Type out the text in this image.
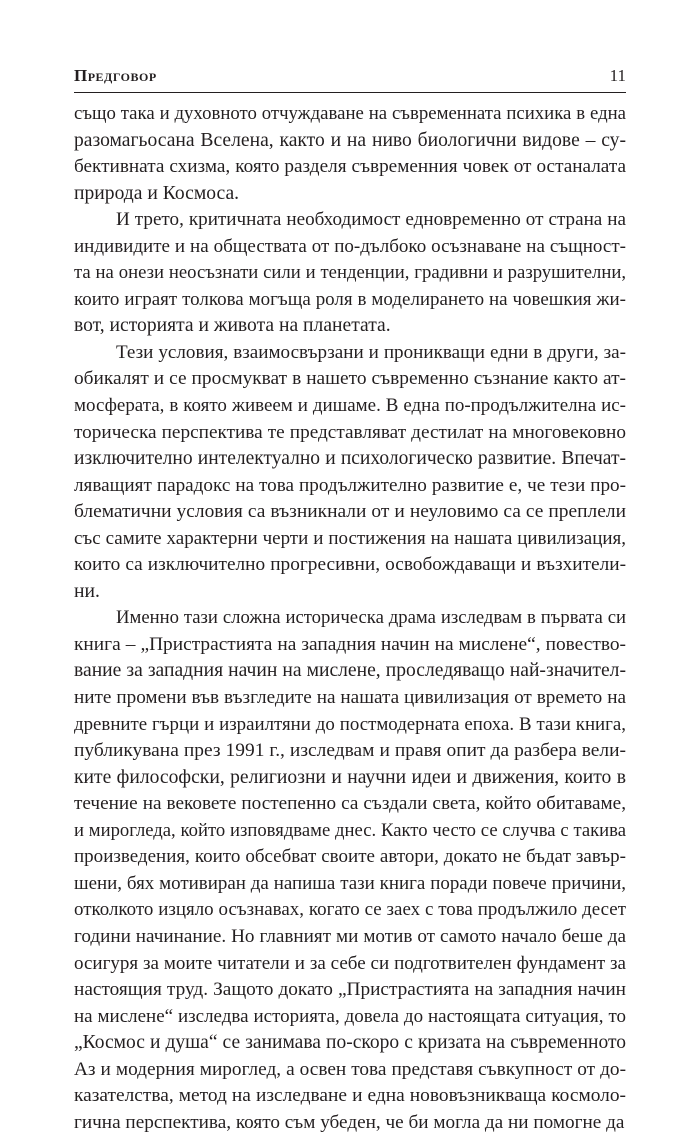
Предговор	11

също така и духовното отчуждаване на съвременната психика в една
разомагьосана Вселена, както и на ниво биологични видове – су-
бективната схизма, която разделя съвременния човек от останалата
природа и Космоса.

И трето, критичната необходимост едновременно от страна на
индивидите и на обществата от по-дълбоко осъзнаване на същност-
та на онези неосъзнати сили и тенденции, градивни и разрушителни,
които играят толкова могъща роля в моделирането на човешкия жи-
вот, историята и живота на планетата.

Тези условия, взаимосвързани и проникващи едни в други, за-
обикалят и се просмукват в нашето съвременно съзнание както ат-
мосферата, в която живеем и дишаме. В една по-продължителна ис-
торическа перспектива те представляват дестилат на многовековно
изключително интелектуално и психологическо развитие. Впечат-
ляващият парадокс на това продължително развитие е, че тези про-
блематични условия са възникнали от и неуловимо са се преплели
със самите характерни черти и постижения на нашата цивилизация,
които са изключително прогресивни, освобождаващи и възхители-
ни.

Именно тази сложна историческа драма изследвам в първата си
книга – „Пристрастията на западния начин на мислене“, повество-
вание за западния начин на мислене, проследяващо най-значител-
ните промени във възгледите на нашата цивилизация от времето на
древните гърци и израилтяни до постмодерната епоха. В тази книга,
публикувана през 1991 г., изследвам и правя опит да разбера вели-
ките философски, религиозни и научни идеи и движения, които в
течение на вековете постепенно са създали света, който обитаваме,
и мирогледа, който изповядваме днес. Както често се случва с такива
произведения, които обсебват своите автори, докато не бъдат завър-
шени, бях мотивиран да напиша тази книга поради повече причини,
отколкото изцяло осъзнавах, когато се заех с това продължило десет
години начинание. Но главният ми мотив от самото начало беше да
осигуря за моите читатели и за себе си подготвителен фундамент за
настоящия труд. Защото докато „Пристрастията на западния начин
на мислене“ изследва историята, довела до настоящата ситуация, то
„Космос и душа“ се занимава по-скоро с кризата на съвременното
Аз и модерния мироглед, а освен това представя съвкупност от до-
казателства, метод на изследване и една нововъзникваща космоло-
гична перспектива, която съм убеден, че би могла да ни помогне да
